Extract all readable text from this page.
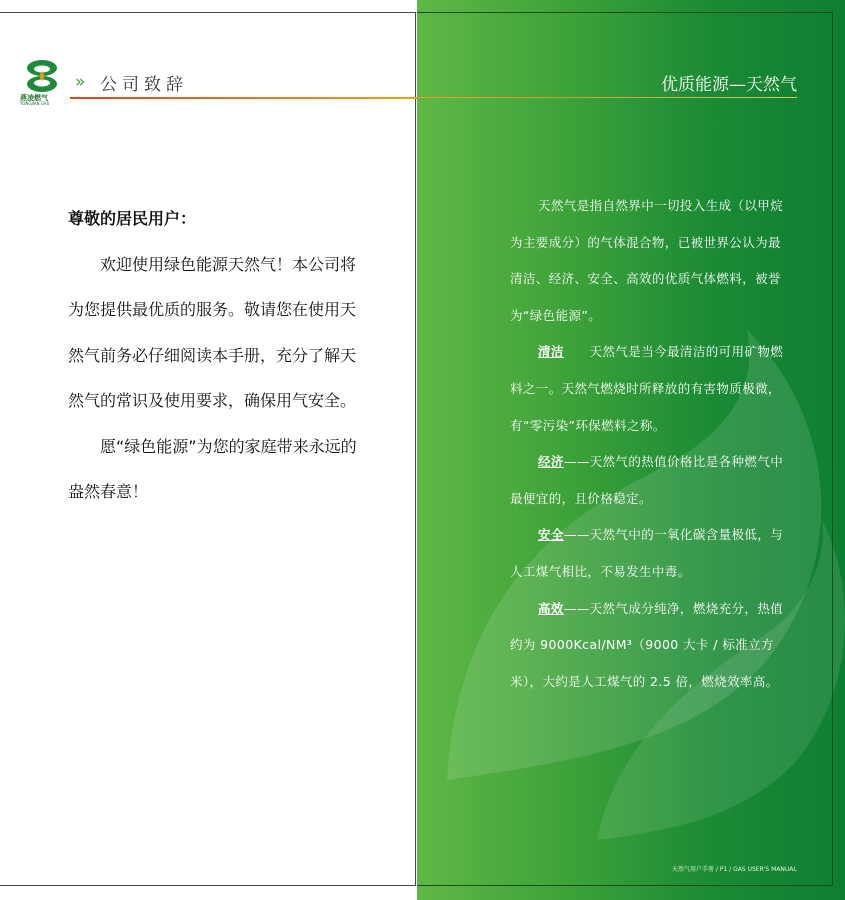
燕凌燃气
YONGJIAN GAS
» 公司致辞

尊敬的居民用户：

欢迎使用绿色能源天然气！本公司将为您提供最优质的服务。敬请您在使用天然气前务必仔细阅读本手册，充分了解天然气的常识及使用要求，确保用气安全。

愿“绿色能源”为您的家庭带来永远的盎然春意！

优质能源—天然气

天然气是指自然界中一切投入生成（以甲烷为主要成分）的气体混合物，已被世界公认为最清洁、经济、安全、高效的优质气体燃料，被誉为“绿色能源”。

清洁　　天然气是当今最清洁的可用矿物燃料之一。天然气燃烧时所释放的有害物质极微，有“零污染”环保燃料之称。

经济——天然气的热值价格比是各种燃气中最便宜的，且价格稳定。

安全——天然气中的一氧化碳含量极低，与人工煤气相比，不易发生中毒。

高效——天然气成分纯净，燃烧充分，热值约为 9000Kcal/NM³（9000 大卡 / 标准立方米），大约是人工煤气的 2.5 倍，燃烧效率高。

天然气用户手册 / P1 / GAS USER'S MANUAL
